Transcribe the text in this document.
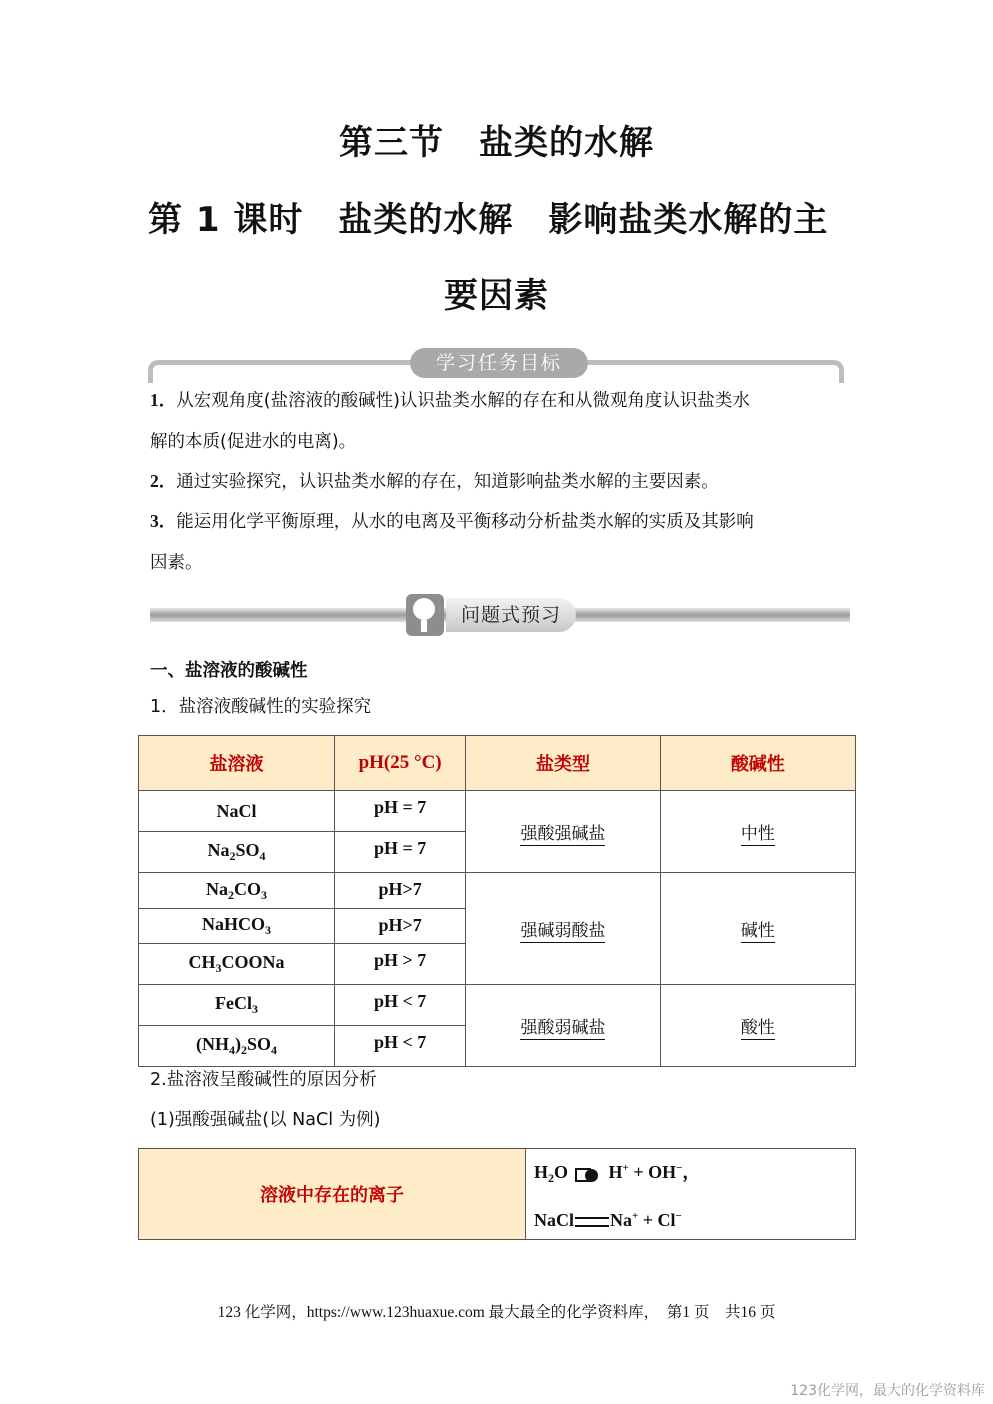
第三节　盐类的水解
第 1 课时　盐类的水解　影响盐类水解的主
要因素
学习任务目标
1．从宏观角度(盐溶液的酸碱性)认识盐类水解的存在和从微观角度认识盐类水
解的本质(促进水的电离)。
2．通过实验探究，认识盐类水解的存在，知道影响盐类水解的主要因素。
3．能运用化学平衡原理，从水的电离及平衡移动分析盐类水解的实质及其影响
因素。
问题式预习
一、盐溶液的酸碱性
1．盐溶液酸碱性的实验探究
盐溶液	pH(25 °C)	盐类型	酸碱性
NaCl	pH = 7	强酸强碱盐	中性
$Na_2SO_4$	pH = 7		
$Na_2CO_3$	pH>7	强碱弱酸盐	碱性
NaHCO$_3$	pH>7		
$CH_3COONa$	pH > 7		
FeCl$_3$	pH < 7	强酸弱碱盐	酸性
$(NH_4)_2SO_4$	pH < 7		
2.盐溶液呈酸碱性的原因分析
(1)强酸强碱盐(以 NaCl 为例)
溶液中存在的离子	
$H_2O$ H+ + OH−，
NaCl Na+ + Cl−
123 化学网，https://www.123huaxue.com 最大最全的化学资料库，　第1 页　共16 页
123化学网，最大的化学资料库
